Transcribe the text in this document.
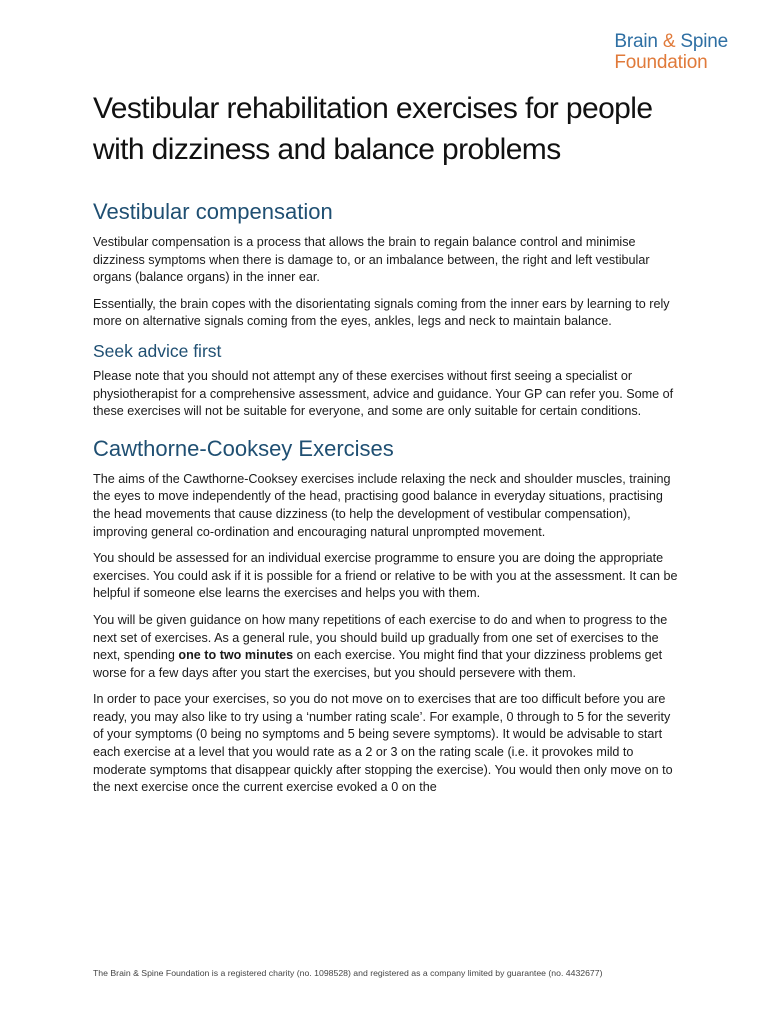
Brain & Spine
Foundation
Vestibular rehabilitation exercises for people with dizziness and balance problems
Vestibular compensation

Vestibular compensation is a process that allows the brain to regain balance control and minimise dizziness symptoms when there is damage to, or an imbalance between, the right and left vestibular organs (balance organs) in the inner ear.

Essentially, the brain copes with the disorientating signals coming from the inner ears by learning to rely more on alternative signals coming from the eyes, ankles, legs and neck to maintain balance.

Seek advice first

Please note that you should not attempt any of these exercises without first seeing a specialist or physiotherapist for a comprehensive assessment, advice and guidance. Your GP can refer you. Some of these exercises will not be suitable for everyone, and some are only suitable for certain conditions.

Cawthorne-Cooksey Exercises

The aims of the Cawthorne-Cooksey exercises include relaxing the neck and shoulder muscles, training the eyes to move independently of the head, practising good balance in everyday situations, practising the head movements that cause dizziness (to help the development of vestibular compensation), improving general co-ordination and encouraging natural unprompted movement.

You should be assessed for an individual exercise programme to ensure you are doing the appropriate exercises. You could ask if it is possible for a friend or relative to be with you at the assessment. It can be helpful if someone else learns the exercises and helps you with them.

You will be given guidance on how many repetitions of each exercise to do and when to progress to the next set of exercises. As a general rule, you should build up gradually from one set of exercises to the next, spending one to two minutes on each exercise. You might find that your dizziness problems get worse for a few days after you start the exercises, but you should persevere with them.

In order to pace your exercises, so you do not move on to exercises that are too difficult before you are ready, you may also like to try using a ‘number rating scale’. For example, 0 through to 5 for the severity of your symptoms (0 being no symptoms and 5 being severe symptoms). It would be advisable to start each exercise at a level that you would rate as a 2 or 3 on the rating scale (i.e. it provokes mild to moderate symptoms that disappear quickly after stopping the exercise). You would then only move on to the next exercise once the current exercise evoked a 0 on the

The Brain & Spine Foundation is a registered charity (no. 1098528) and registered as a company limited by guarantee (no. 4432677)
